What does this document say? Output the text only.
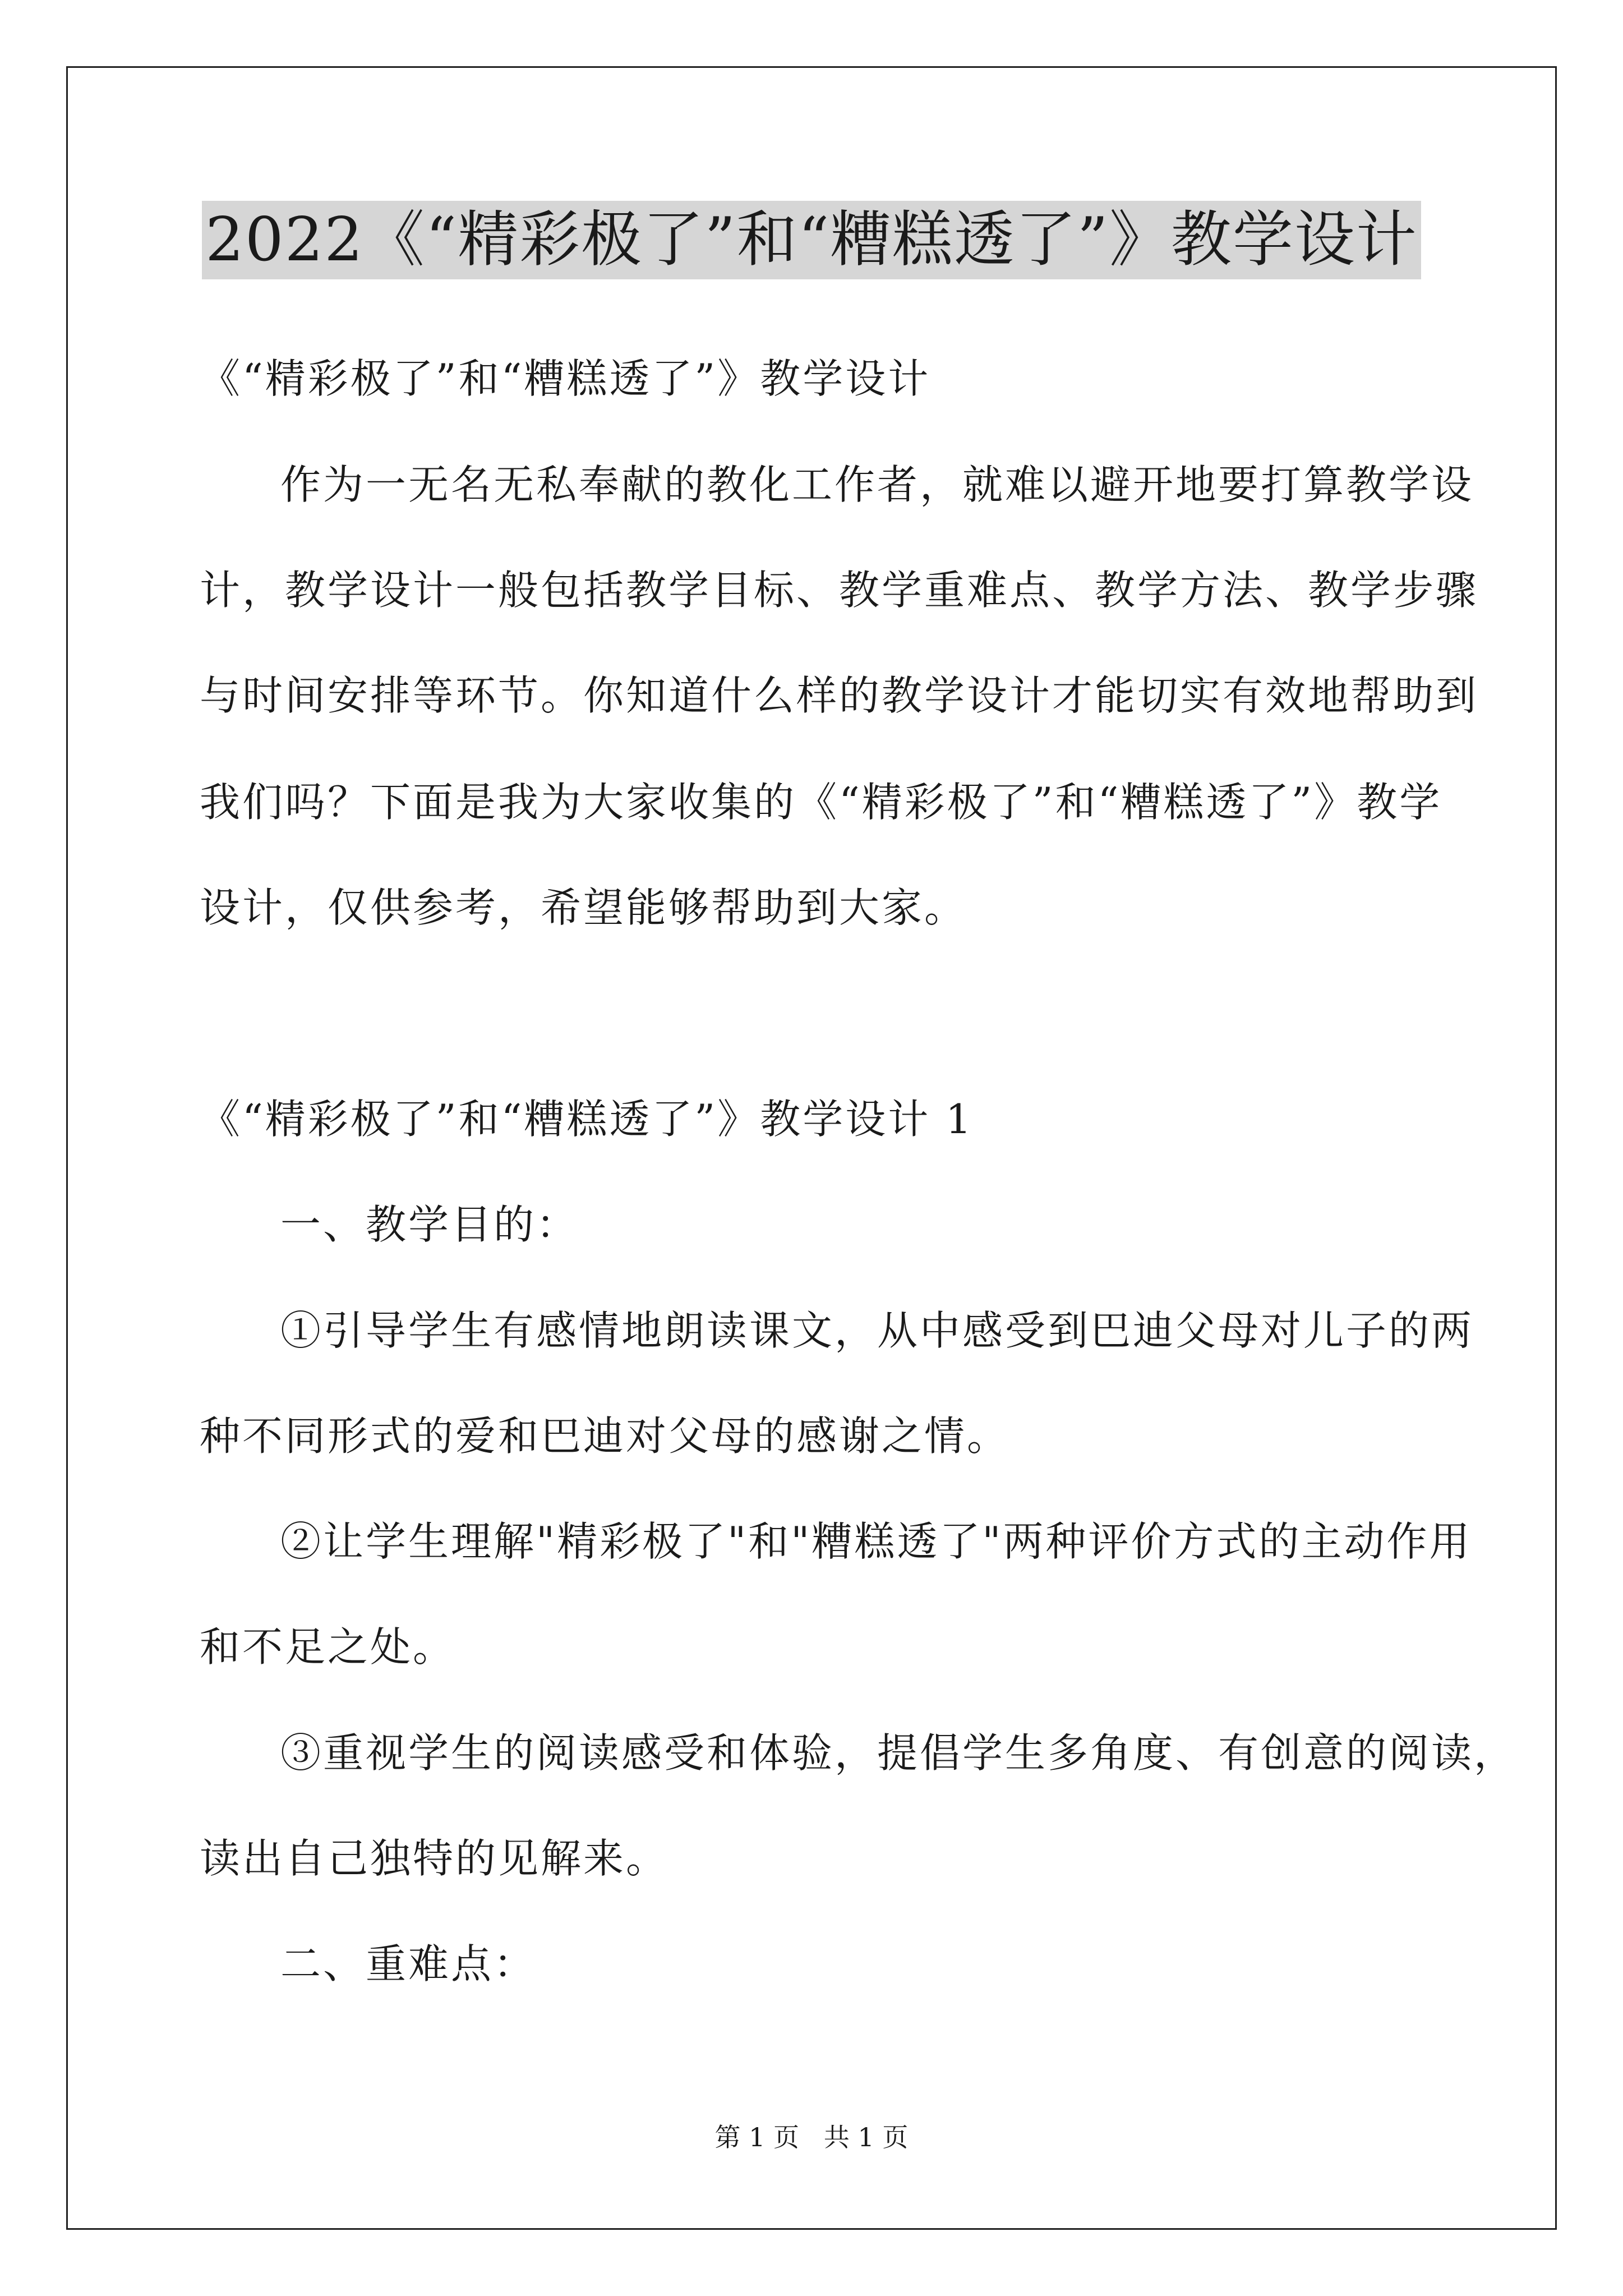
2022《“精彩极了”和“糟糕透了”》教学设计
《“精彩极了”和“糟糕透了”》教学设计
作为一无名无私奉献的教化工作者，就难以避开地要打算教学设
计，教学设计一般包括教学目标、教学重难点、教学方法、教学步骤
与时间安排等环节。你知道什么样的教学设计才能切实有效地帮助到
我们吗？下面是我为大家收集的《“精彩极了”和“糟糕透了”》教学
设计，仅供参考，希望能够帮助到大家。
《“精彩极了”和“糟糕透了”》教学设计 1
一、教学目的：
①引导学生有感情地朗读课文，从中感受到巴迪父母对儿子的两
种不同形式的爱和巴迪对父母的感谢之情。
②让学生理解"精彩极了"和"糟糕透了"两种评价方式的主动作用
和不足之处。
③重视学生的阅读感受和体验，提倡学生多角度、有创意的阅读，
读出自己独特的见解来。
二、重难点：
第 1 页   共 1 页
